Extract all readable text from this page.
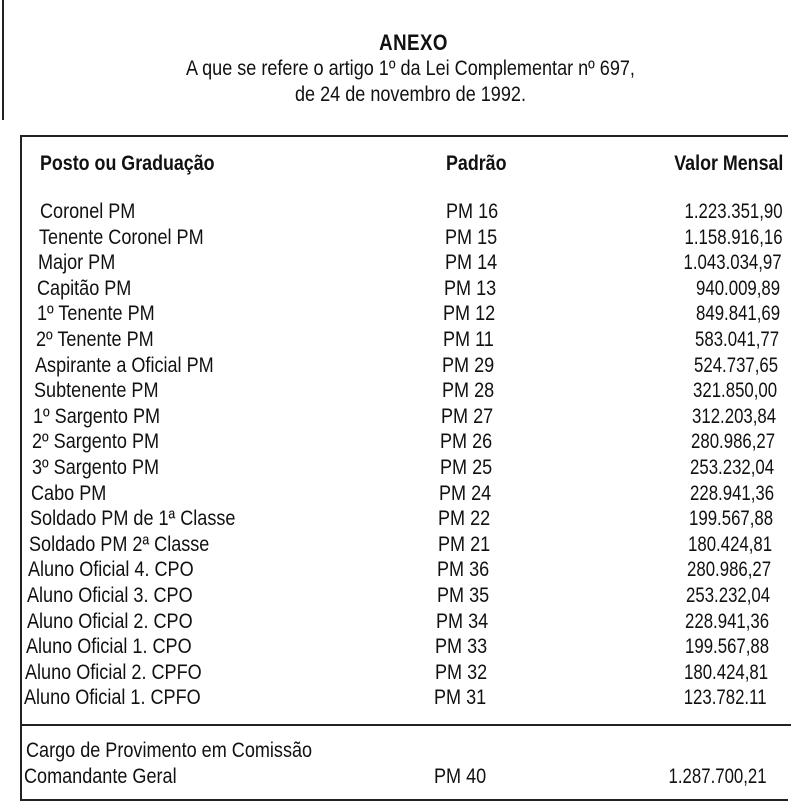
ANEXO
A que se refere o artigo 1º da Lei Complementar nº 697,
de 24 de novembro de 1992.
Posto ou Graduação	Padrão	Valor Mensal
Coronel PM	PM 16	1.223.351,90
Tenente Coronel PM	PM 15	1.158.916,16
Major PM	PM 14	1.043.034,97
Capitão PM	PM 13	940.009,89
1º Tenente PM	PM 12	849.841,69
2º Tenente PM	PM 11	583.041,77
Aspirante a Oficial PM	PM 29	524.737,65
Subtenente PM	PM 28	321.850,00
1º Sargento PM	PM 27	312.203,84
2º Sargento PM	PM 26	280.986,27
3º Sargento PM	PM 25	253.232,04
Cabo PM	PM 24	228.941,36
Soldado PM de 1ª Classe	PM 22	199.567,88
Soldado PM 2ª Classe	PM 21	180.424,81
Aluno Oficial 4. CPO	PM 36	280.986,27
Aluno Oficial 3. CPO	PM 35	253.232,04
Aluno Oficial 2. CPO	PM 34	228.941,36
Aluno Oficial 1. CPO	PM 33	199.567,88
Aluno Oficial 2. CPFO	PM 32	180.424,81
Aluno Oficial 1. CPFO	PM 31	123.782.11
Cargo de Provimento em Comissão
Comandante Geral	PM 40	1.287.700,21
